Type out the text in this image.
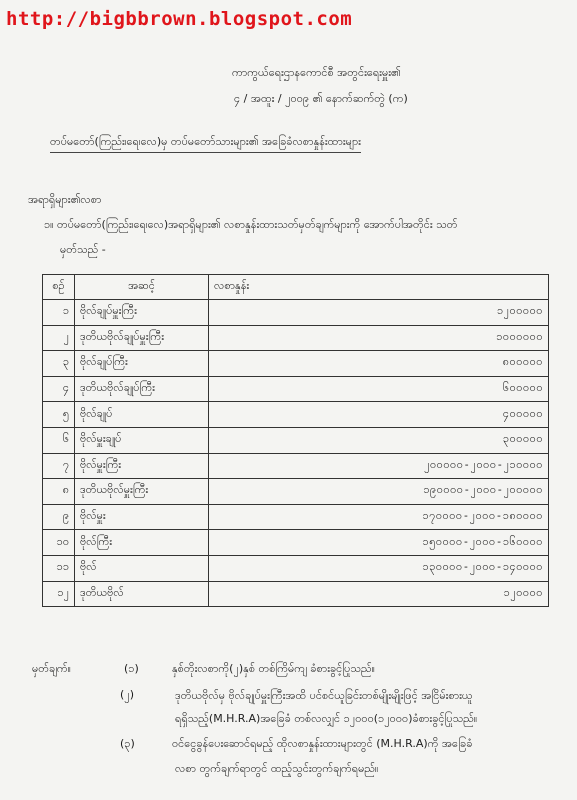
http://bigbbrown.blogspot.com
ကာကွယ်ရေးဌာနကောင်စီ အတွင်းရေးမှူး၏
၄ / အထူး / ၂၀၀၉ ၏ နောက်ဆက်တွဲ (က)
တပ်မတော်(ကြည်း၊ရေ၊လေ)မှ တပ်မတော်သားများ၏ အခြေခံလစာနှုန်းထားများ
အရာရှိများ၏လစာ
၁။ တပ်မတော်(ကြည်း၊ရေ၊လေ)အရာရှိများ၏ လစာနှုန်းထားသတ်မှတ်ချက်များကို အောက်ပါအတိုင်း သတ်
မှတ်သည် -
စဉ်	အဆင့်	လစာနှုန်း
၁	ဗိုလ်ချုပ်မှူးကြီး	၁၂၀၀၀၀၀
၂	ဒုတိယဗိုလ်ချုပ်မှူးကြီး	၁၀၀၀၀၀၀
၃	ဗိုလ်ချုပ်ကြီး	၈၀၀၀၀၀
၄	ဒုတိယဗိုလ်ချုပ်ကြီး	၆၀၀၀၀၀
၅	ဗိုလ်ချုပ်	၄၀၀၀၀၀
၆	ဗိုလ်မှူးချုပ်	၃၀၀၀၀၀
၇	ဗိုလ်မှူးကြီး	၂၀၀၀၀၀-၂၀၀၀-၂၁၀၀၀၀
၈	ဒုတိယဗိုလ်မှူးကြီး	၁၉၀၀၀၀-၂၀၀၀-၂၀၀၀၀၀
၉	ဗိုလ်မှူး	၁၇၀၀၀၀-၂၀၀၀-၁၈၀၀၀၀
၁၀	ဗိုလ်ကြီး	၁၅၀၀၀၀-၂၀၀၀-၁၆၀၀၀၀
၁၁	ဗိုလ်	၁၃၀၀၀၀-၂၀၀၀-၁၄၀၀၀၀
၁၂	ဒုတိယဗိုလ်	၁၂၀၀၀၀
မှတ်ချက်။	(၁)	နှစ်တိုးလစာကို(၂)နှစ် တစ်ကြိမ်ကျ ခံစားခွင့်ပြုသည်။
(၂)	ဒုတိယဗိုလ်မှ ဗိုလ်ချုပ်မှူးကြီးအထိ ပင်စင်ယူခြင်းတစ်မျိုးမျိုးဖြင့် အငြိမ်းစားယူ
ရရှိသည့်(M.H.R.A)အခြေခံ တစ်လလျှင် ၁၂၀၀၀(၁၂၀၀၀)ခံစားခွင့်ပြုသည်။
(၃)	ဝင်ငွေခွန်ပေးဆောင်ရမည့် ထိုလစာနှုန်းထားများတွင် (M.H.R.A)ကို အခြေခံ
လစာ တွက်ချက်ရာတွင် ထည့်သွင်းတွက်ချက်ရမည်။
